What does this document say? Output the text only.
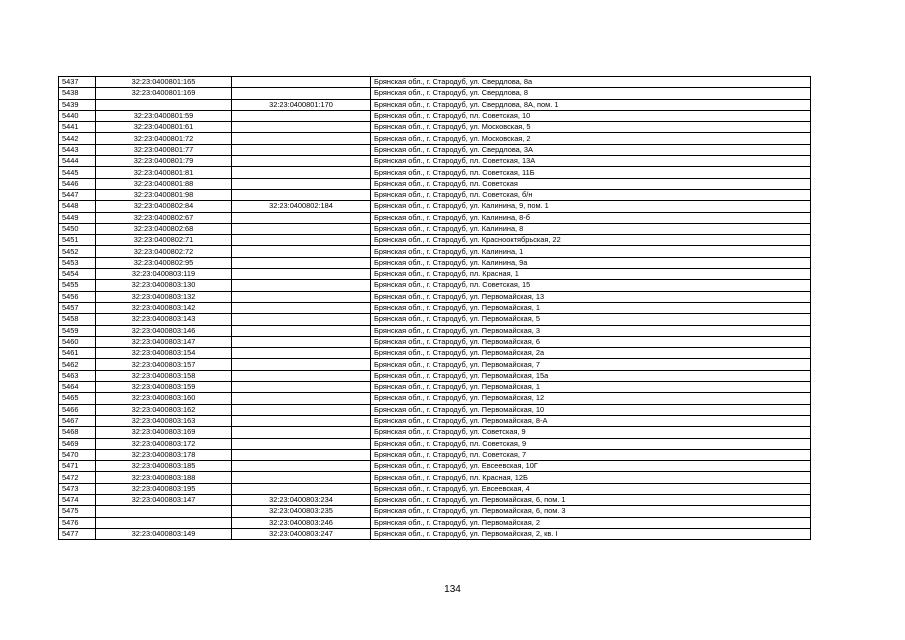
5437	32:23:0400801:165		Брянская обл., г. Стародуб, ул. Свердлова, 8а
5438	32:23:0400801:169		Брянская обл., г. Стародуб, ул. Свердлова, 8
5439		32:23:0400801:170	Брянская обл., г. Стародуб, ул. Свердлова, 8А, пом. 1
5440	32:23:0400801:59		Брянская обл., г. Стародуб, пл. Советская, 10
5441	32:23:0400801:61		Брянская обл., г. Стародуб, ул. Московская, 5
5442	32:23:0400801:72		Брянская обл., г. Стародуб, ул. Московская, 2
5443	32:23:0400801:77		Брянская обл., г. Стародуб, ул. Свердлова, 3А
5444	32:23:0400801:79		Брянская обл., г. Стародуб, пл. Советская, 13А
5445	32:23:0400801:81		Брянская обл., г. Стародуб, пл. Советская, 11Б
5446	32:23:0400801:88		Брянская обл., г. Стародуб, пл. Советская
5447	32:23:0400801:98		Брянская обл., г. Стародуб, пл. Советская, б/н
5448	32:23:0400802:84	32:23:0400802:184	Брянская обл., г. Стародуб, ул. Калинина, 9, пом. 1
5449	32:23:0400802:67		Брянская обл., г. Стародуб, ул. Калинина, 8-б
5450	32:23:0400802:68		Брянская обл., г. Стародуб, ул. Калинина, 8
5451	32:23:0400802:71		Брянская обл., г. Стародуб, ул. Краснооктябрьская, 22
5452	32:23:0400802:72		Брянская обл., г. Стародуб, ул. Калинина, 1
5453	32:23:0400802:95		Брянская обл., г. Стародуб, ул. Калинина, 9а
5454	32:23:0400803:119		Брянская обл., г. Стародуб, пл. Красная, 1
5455	32:23:0400803:130		Брянская обл., г. Стародуб, пл. Советская, 15
5456	32:23:0400803:132		Брянская обл., г. Стародуб, ул. Первомайская, 13
5457	32:23:0400803:142		Брянская обл., г. Стародуб, ул. Первомайская, 1
5458	32:23:0400803:143		Брянская обл., г. Стародуб, ул. Первомайская, 5
5459	32:23:0400803:146		Брянская обл., г. Стародуб, ул. Первомайская, 3
5460	32:23:0400803:147		Брянская обл., г. Стародуб, ул. Первомайская, 6
5461	32:23:0400803:154		Брянская обл., г. Стародуб, ул. Первомайская, 2а
5462	32:23:0400803:157		Брянская обл., г. Стародуб, ул. Первомайская, 7
5463	32:23:0400803:158		Брянская обл., г. Стародуб, ул. Первомайская, 15а
5464	32:23:0400803:159		Брянская обл., г. Стародуб, ул. Первомайская, 1
5465	32:23:0400803:160		Брянская обл., г. Стародуб, ул. Первомайская, 12
5466	32:23:0400803:162		Брянская обл., г. Стародуб, ул. Первомайская, 10
5467	32:23:0400803:163		Брянская обл., г. Стародуб, ул. Первомайская, 8-А
5468	32:23:0400803:169		Брянская обл., г. Стародуб, ул. Советская, 9
5469	32:23:0400803:172		Брянская обл., г. Стародуб, пл. Советская, 9
5470	32:23:0400803:178		Брянская обл., г. Стародуб, пл. Советская, 7
5471	32:23:0400803:185		Брянская обл., г. Стародуб, ул. Евсеевская, 10Г
5472	32:23:0400803:188		Брянская обл., г. Стародуб, пл. Красная, 12Б
5473	32:23:0400803:195		Брянская обл., г. Стародуб, ул. Евсеевская, 4
5474	32:23:0400803:147	32:23:0400803:234	Брянская обл., г. Стародуб, ул. Первомайская, 6, пом. 1
5475		32:23:0400803:235	Брянская обл., г. Стародуб, ул. Первомайская, 6, пом. 3
5476		32:23:0400803:246	Брянская обл., г. Стародуб, ул. Первомайская, 2
5477	32:23:0400803:149	32:23:0400803:247	Брянская обл., г. Стародуб, ул. Первомайская, 2, кв. I
134
